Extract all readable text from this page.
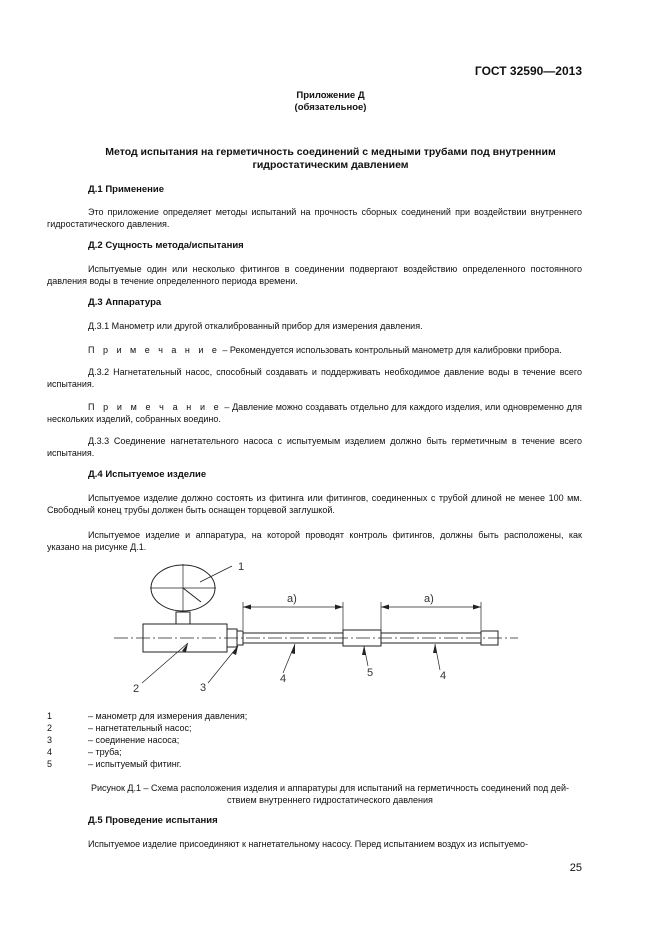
ГОСТ 32590—2013
Приложение Д
(обязательное)
Метод испытания на герметичность соединений с медными трубами под внутренним
гидростатическим давлением
Д.1 Применение
Это приложение определяет методы испытаний на прочность сборных соединений при воздействии внутреннего гидростатического давления.
Д.2 Сущность метода/испытания
Испытуемые один или несколько фитингов в соединении подвергают воздействию определенного постоянного давления воды в течение определенного периода времени.
Д.3 Аппаратура
Д.3.1 Манометр или другой откалиброванный прибор для измерения давления.
П р и м е ч а н и е – Рекомендуется использовать контрольный манометр для калибровки прибора.
Д.3.2 Нагнетательный насос, способный создавать и поддерживать необходимое давление воды в течение всего испытания.
П р и м е ч а н и е – Давление можно создавать отдельно для каждого изделия, или одновременно для нескольких изделий, собранных воедино.
Д.3.3 Соединение нагнетательного насоса с испытуемым изделием должно быть герметичным в течение всего испытания.
Д.4 Испытуемое изделие
Испытуемое изделие должно состоять из фитинга или фитингов, соединенных с трубой длиной не менее 100 мм. Свободный конец трубы должен быть оснащен торцевой заглушкой.
Испытуемое изделие и аппаратура, на которой проводят контроль фитингов, должны быть расположены, как указано на рисунке Д.1.
1
2	3
4	5	4
a)	a)
1	– манометр для измерения давления;
2	– нагнетательный насос;
3	– соединение насоса;
4	– труба;
5	– испытуемый фитинг.
Рисунок Д.1 – Схема расположения изделия и аппаратуры для испытаний на герметичность соединений под дей-
ствием внутреннего гидростатического давления
Д.5 Проведение испытания
Испытуемое изделие присоединяют к нагнетательному насосу. Перед испытанием воздух из испытуемо-
25
